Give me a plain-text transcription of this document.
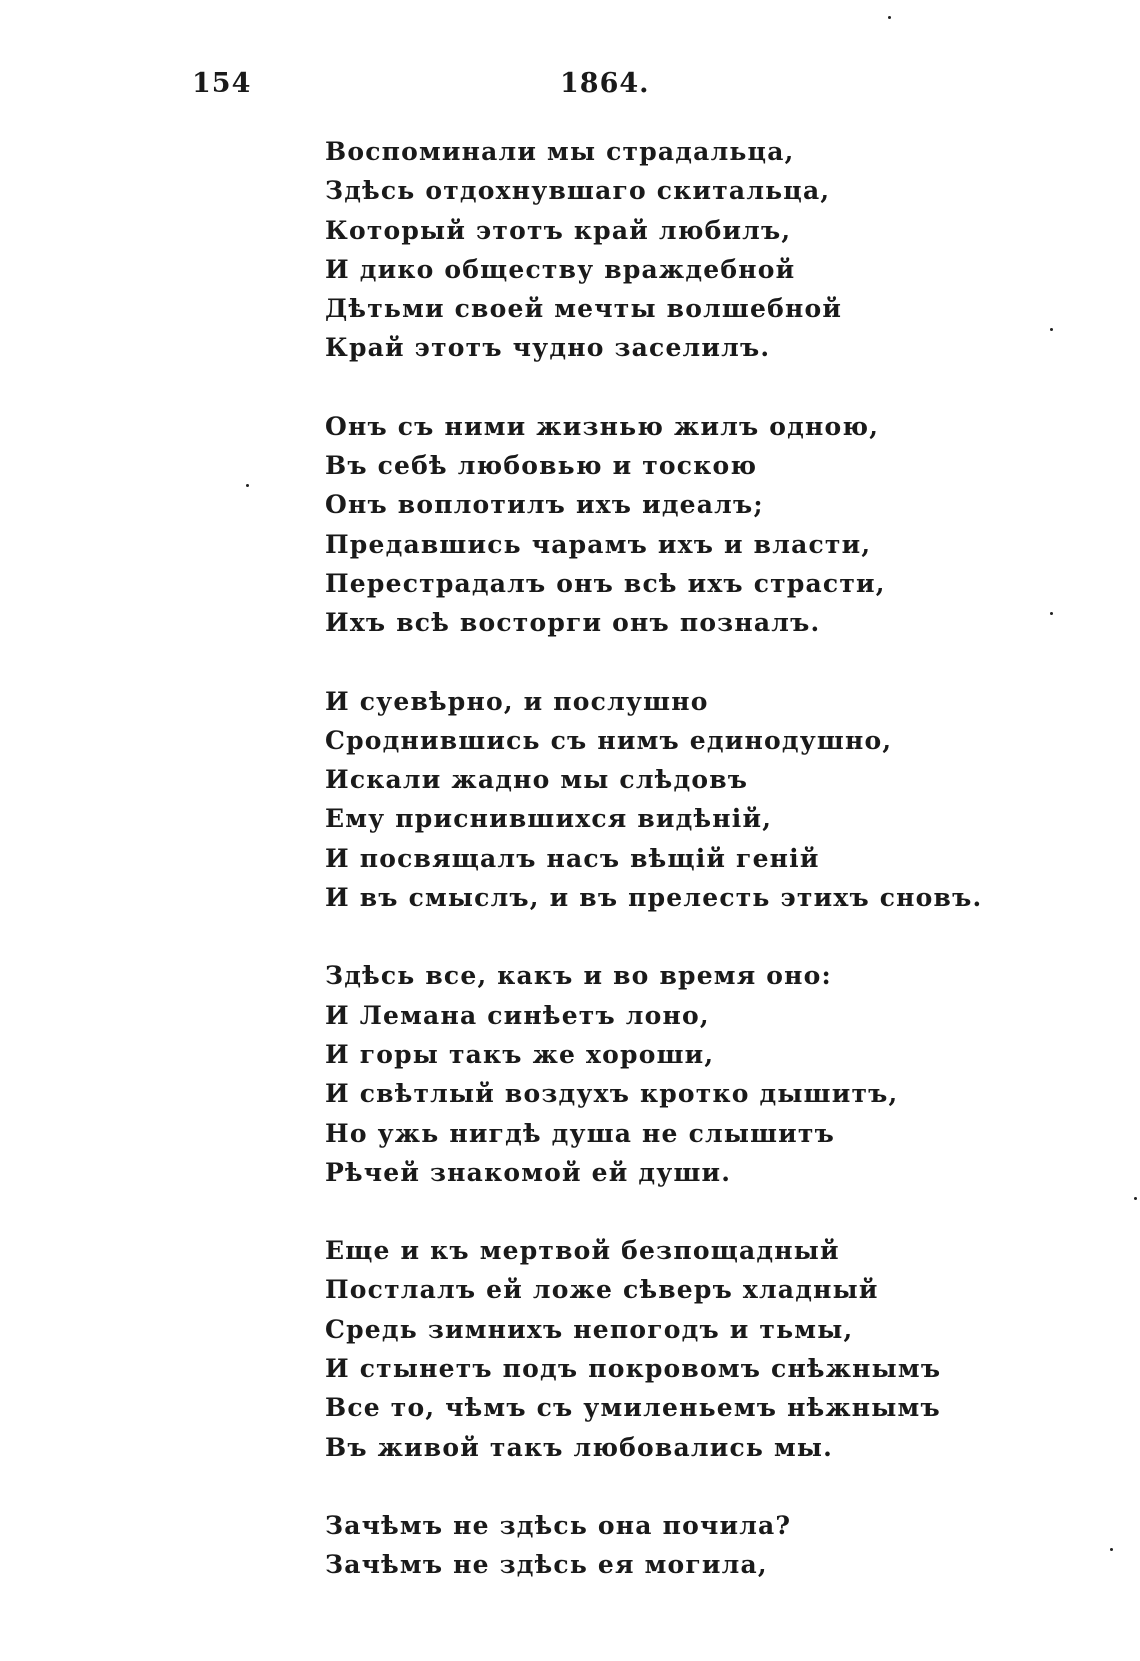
154	1864.
Воспоминали мы страдальца,
Здѣсь отдохнувшаго скитальца,
Который этотъ край любилъ,
И дико обществу враждебной
Дѣтьми своей мечты волшебной
Край этотъ чудно заселилъ.
Онъ съ ними жизнью жилъ одною,
Въ себѣ любовью и тоскою
Онъ воплотилъ ихъ идеалъ;
Предавшись чарамъ ихъ и власти,
Перестрадалъ онъ всѣ ихъ страсти,
Ихъ всѣ восторги онъ позналъ.
И суевѣрно, и послушно
Сроднившись съ нимъ единодушно,
Искали жадно мы слѣдовъ
Ему приснившихся видѣній,
И посвящалъ насъ вѣщій геній
И въ смыслъ, и въ прелесть этихъ сновъ.
Здѣсь все, какъ и во время оно:
И Лемана синѣетъ лоно,
И горы такъ же хороши,
И свѣтлый воздухъ кротко дышитъ,
Но ужь нигдѣ душа не слышитъ
Рѣчей знакомой ей души.
Еще и къ мертвой безпощадный
Постлалъ ей ложе сѣверъ хладный
Средь зимнихъ непогодъ и тьмы,
И стынетъ подъ покровомъ снѣжнымъ
Все то, чѣмъ съ умиленьемъ нѣжнымъ
Въ живой такъ любовались мы.
Зачѣмъ не здѣсь она почила?
Зачѣмъ не здѣсь ея могила,
